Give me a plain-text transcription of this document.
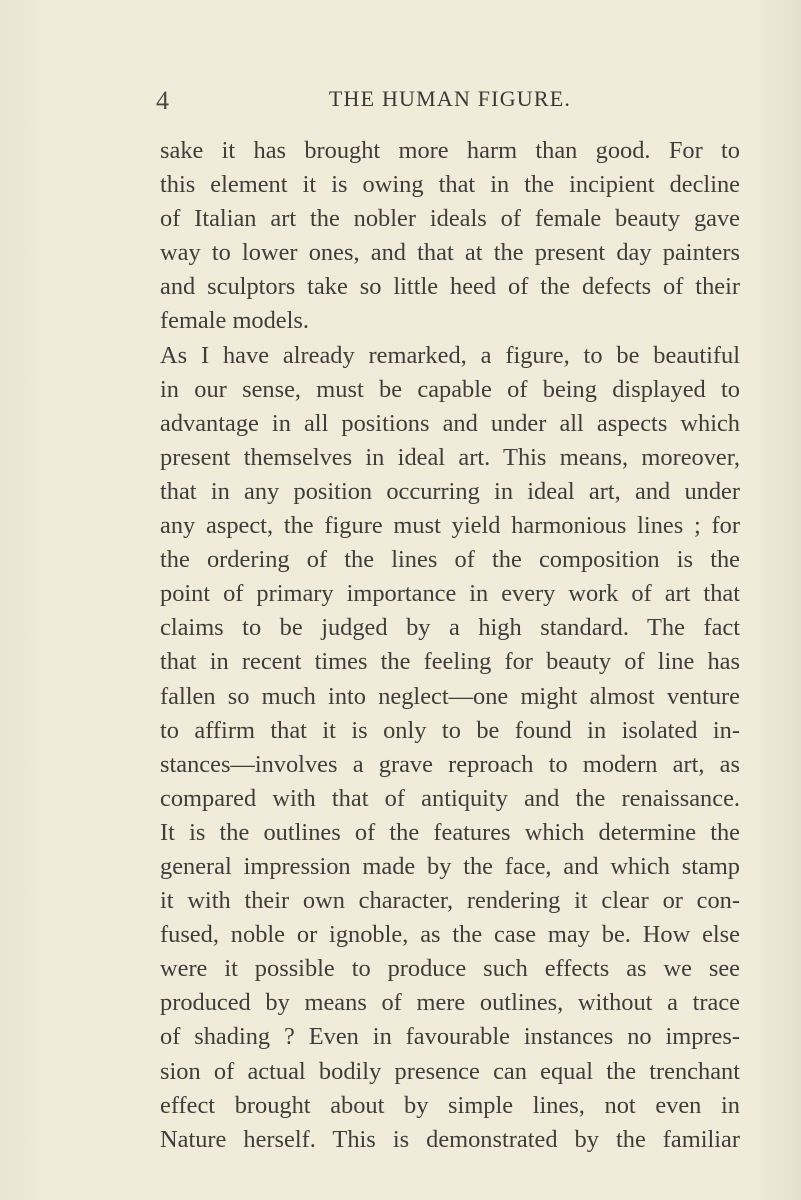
4	THE HUMAN FIGURE.
sake it has brought more harm than good. For to
this element it is owing that in the incipient decline
of Italian art the nobler ideals of female beauty gave
way to lower ones, and that at the present day painters
and sculptors take so little heed of the defects of their
female models.
As I have already remarked, a figure, to be beautiful
in our sense, must be capable of being displayed to
advantage in all positions and under all aspects which
present themselves in ideal art. This means, moreover,
that in any position occurring in ideal art, and under
any aspect, the figure must yield harmonious lines ; for
the ordering of the lines of the composition is the
point of primary importance in every work of art that
claims to be judged by a high standard. The fact
that in recent times the feeling for beauty of line has
fallen so much into neglect—one might almost venture
to affirm that it is only to be found in isolated in-
stances—involves a grave reproach to modern art, as
compared with that of antiquity and the renaissance.
It is the outlines of the features which determine the
general impression made by the face, and which stamp
it with their own character, rendering it clear or con-
fused, noble or ignoble, as the case may be. How else
were it possible to produce such effects as we see
produced by means of mere outlines, without a trace
of shading ? Even in favourable instances no impres-
sion of actual bodily presence can equal the trenchant
effect brought about by simple lines, not even in
Nature herself. This is demonstrated by the familiar
